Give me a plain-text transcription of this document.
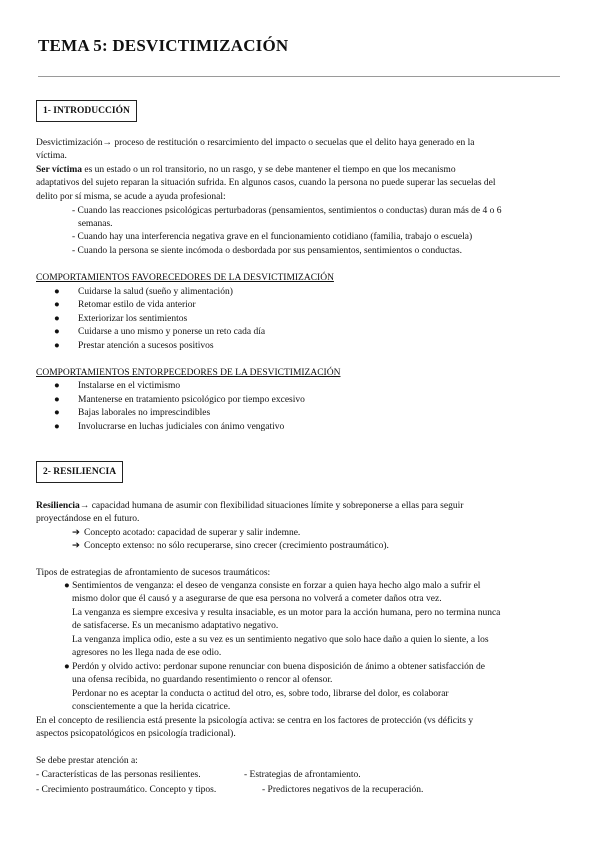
TEMA 5: DESVICTIMIZACIÓN
1- INTRODUCCIÓN
Desvictimización→ proceso de restitución o resarcimiento del impacto o secuelas que el delito haya generado en la
víctima.
Ser víctima es un estado o un rol transitorio, no un rasgo, y se debe mantener el tiempo en que los mecanismo
adaptativos del sujeto reparan la situación sufrida. En algunos casos, cuando la persona no puede superar las secuelas del
delito por sí misma, se acude a ayuda profesional:
- Cuando las reacciones psicológicas perturbadoras (pensamientos, sentimientos o conductas) duran más de 4 o 6
semanas.
- Cuando hay una interferencia negativa grave en el funcionamiento cotidiano (familia, trabajo o escuela)
- Cuando la persona se siente incómoda o desbordada por sus pensamientos, sentimientos o conductas.
COMPORTAMIENTOS FAVORECEDORES DE LA DESVICTIMIZACIÓN
● Cuidarse la salud (sueño y alimentación)
● Retomar estilo de vida anterior
● Exteriorizar los sentimientos
● Cuidarse a uno mismo y ponerse un reto cada día
● Prestar atención a sucesos positivos
COMPORTAMIENTOS ENTORPECEDORES DE LA DESVICTIMIZACIÓN
● Instalarse en el victimismo
● Mantenerse en tratamiento psicológico por tiempo excesivo
● Bajas laborales no imprescindibles
● Involucrarse en luchas judiciales con ánimo vengativo
2- RESILIENCIA
Resiliencia→ capacidad humana de asumir con flexibilidad situaciones límite y sobreponerse a ellas para seguir
proyectándose en el futuro.
➔ Concepto acotado: capacidad de superar y salir indemne.
➔ Concepto extenso: no sólo recuperarse, sino crecer (crecimiento postraumático).
Tipos de estrategias de afrontamiento de sucesos traumáticos:
● Sentimientos de venganza: el deseo de venganza consiste en forzar a quien haya hecho algo malo a sufrir el
mismo dolor que él causó y a asegurarse de que esa persona no volverá a cometer daños otra vez.
La venganza es siempre excesiva y resulta insaciable, es un motor para la acción humana, pero no termina nunca
de satisfacerse. Es un mecanismo adaptativo negativo.
La venganza implica odio, este a su vez es un sentimiento negativo que solo hace daño a quien lo siente, a los
agresores no les llega nada de ese odio.
● Perdón y olvido activo: perdonar supone renunciar con buena disposición de ánimo a obtener satisfacción de
una ofensa recibida, no guardando resentimiento o rencor al ofensor.
Perdonar no es aceptar la conducta o actitud del otro, es, sobre todo, librarse del dolor, es colaborar
conscientemente a que la herida cicatrice.
En el concepto de resiliencia está presente la psicología activa: se centra en los factores de protección (vs déficits y
aspectos psicopatológicos en psicología tradicional).
Se debe prestar atención a:
- Características de las personas resilientes.	- Estrategias de afrontamiento.
- Crecimiento postraumático. Concepto y tipos.	- Predictores negativos de la recuperación.
